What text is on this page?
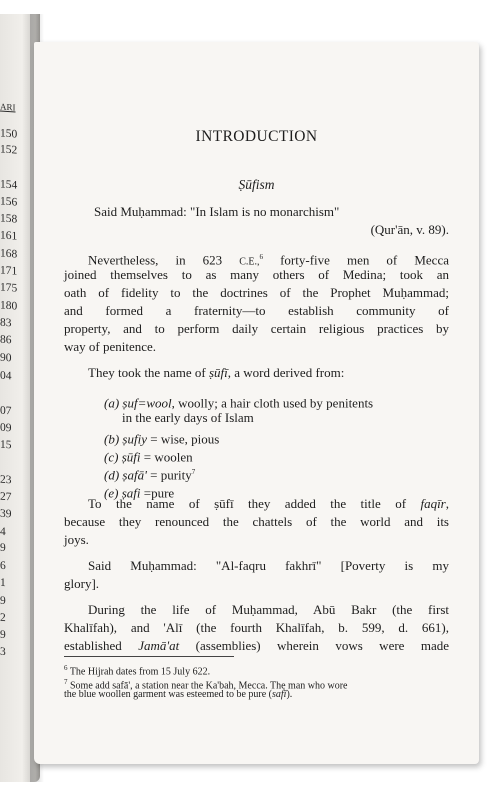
ARI
150
152
154
156
158
161
168
171
175
180
83
86
90
04
07
09
15
23
27
39
4
9
6
1
9
2
9
3
INTRODUCTION
Ṣūfism
Said Muḥammad: "In Islam is no monarchism"
(Qur'ān, v. 89).
Nevertheless, in 623 C.E.,$^6$ forty-five men of Mecca
joined themselves to as many others of Medina; took an
oath of fidelity to the doctrines of the Prophet Muḥammad;
and formed a fraternity—to establish community of
property, and to perform daily certain religious practices by
way of penitence.
They took the name of ṣūfī, a word derived from:
(a) ṣuf=wool, woolly; a hair cloth used by penitents
(b) ṣufiy = wise, pious
(c) ṣūfi = woolen
(d) ṣafā' = purity$^7$
(e) ṣafi =pure
in the early days of Islam
To the name of ṣūfī they added the title of faqīr,
because they renounced the chattels of the world and its
joys.
Said Muḥammad: "Al-faqru fakhrī" [Poverty is my
glory].
During the life of Muḥammad, Abū Bakr (the first
Khalīfah), and 'Alī (the fourth Khalīfah, b. 599, d. 661),
$^6$ The Hijrah dates from 15 July 622.
$^7$ Some add safā', a station near the Ka'bah, Mecca. The man who wore
the blue woollen garment was esteemed to be pure (safī).
established Jamā'at (assemblies) wherein vows were made
